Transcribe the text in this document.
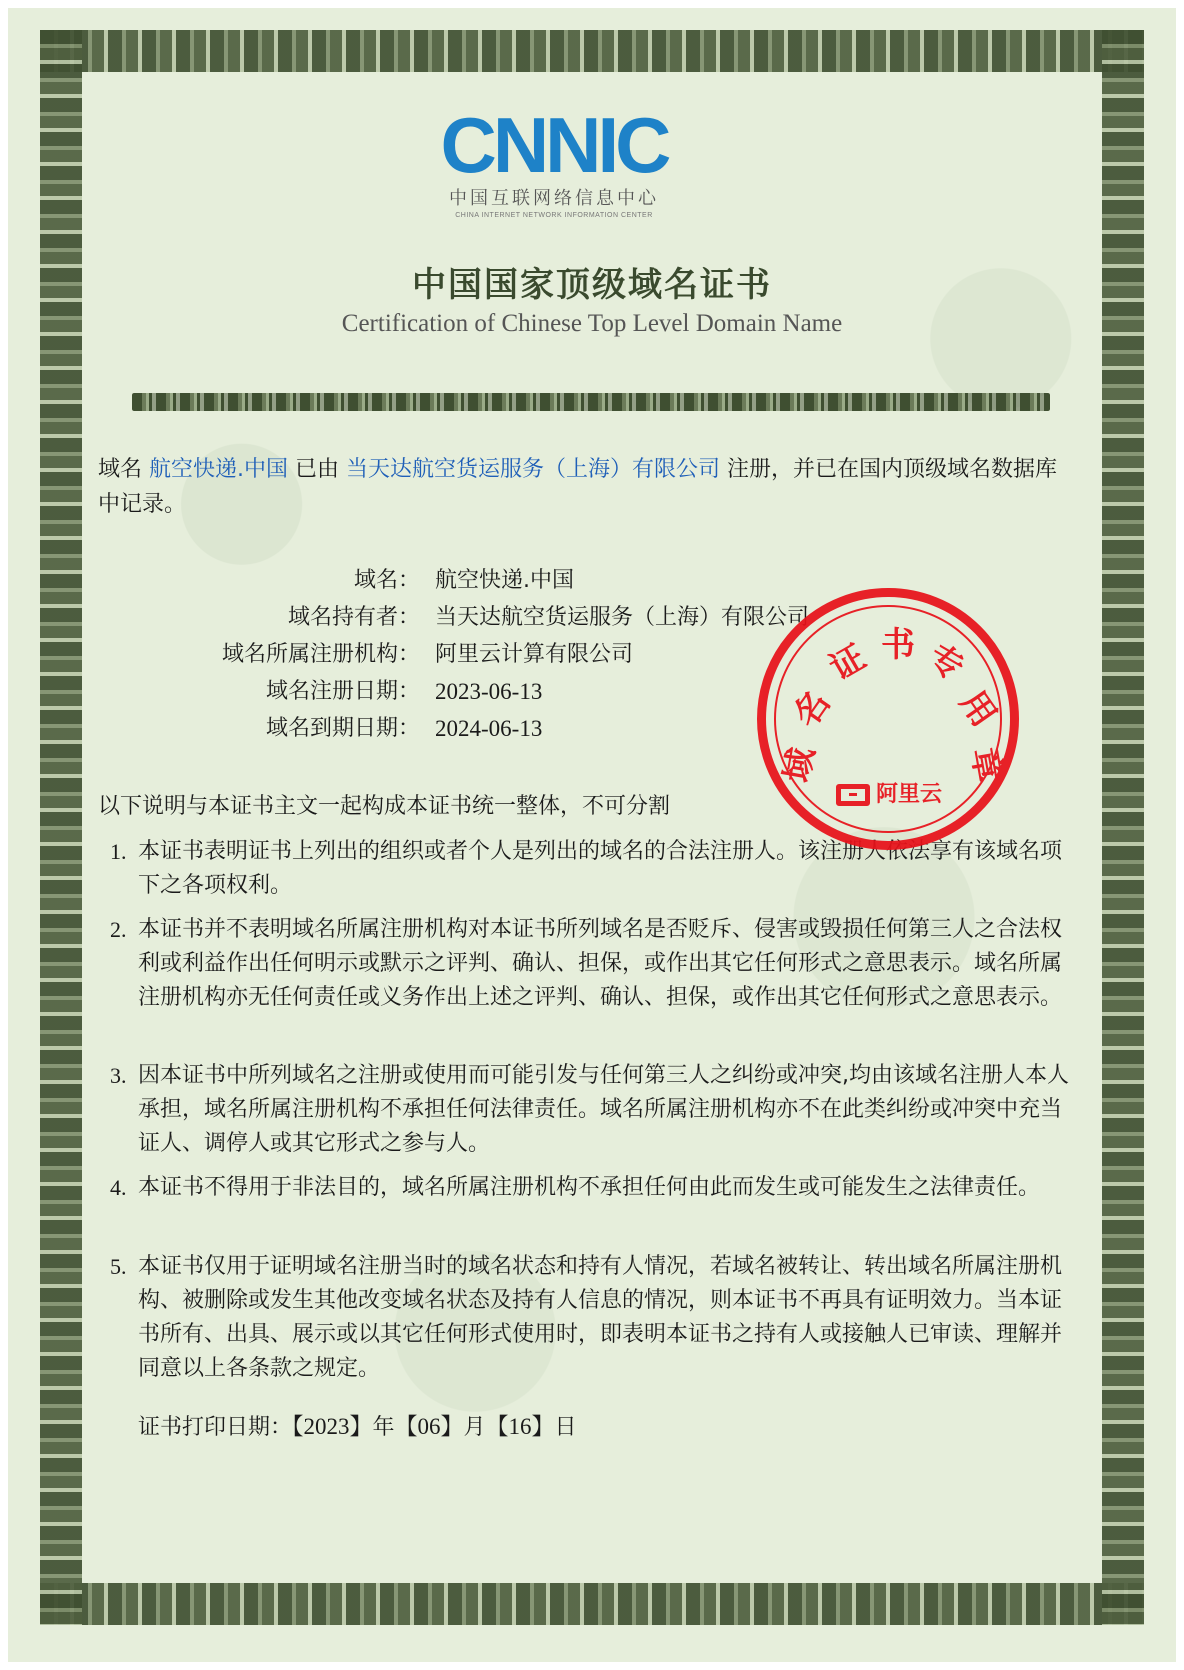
CNNIC
中国互联网络信息中心
CHINA INTERNET NETWORK INFORMATION CENTER
中国国家顶级域名证书
Certification of Chinese Top Level Domain Name
域名 航空快递.中国 已由 当天达航空货运服务（上海）有限公司 注册，并已在国内顶级域名数据库中记录。
域名： 航空快递.中国
域名持有者： 当天达航空货运服务（上海）有限公司
域名所属注册机构： 阿里云计算有限公司
域名注册日期： 2023-06-13
域名到期日期： 2024-06-13
以下说明与本证书主文一起构成本证书统一整体，不可分割
1. 本证书表明证书上列出的组织或者个人是列出的域名的合法注册人。该注册人依法享有该域名项下之各项权利。
2. 本证书并不表明域名所属注册机构对本证书所列域名是否贬斥、侵害或毁损任何第三人之合法权利或利益作出任何明示或默示之评判、确认、担保，或作出其它任何形式之意思表示。域名所属注册机构亦无任何责任或义务作出上述之评判、确认、担保，或作出其它任何形式之意思表示。
3. 因本证书中所列域名之注册或使用而可能引发与任何第三人之纠纷或冲突,均由该域名注册人本人承担，域名所属注册机构不承担任何法律责任。域名所属注册机构亦不在此类纠纷或冲突中充当证人、调停人或其它形式之参与人。
4. 本证书不得用于非法目的，域名所属注册机构不承担任何由此而发生或可能发生之法律责任。
5. 本证书仅用于证明域名注册当时的域名状态和持有人情况，若域名被转让、转出域名所属注册机构、被删除或发生其他改变域名状态及持有人信息的情况，则本证书不再具有证明效力。当本证书所有、出具、展示或以其它任何形式使用时，即表明本证书之持有人或接触人已审读、理解并同意以上各条款之规定。
证书打印日期：【2023】年【06】月【16】日
域
名
证 书 专
用
章
阿里云
